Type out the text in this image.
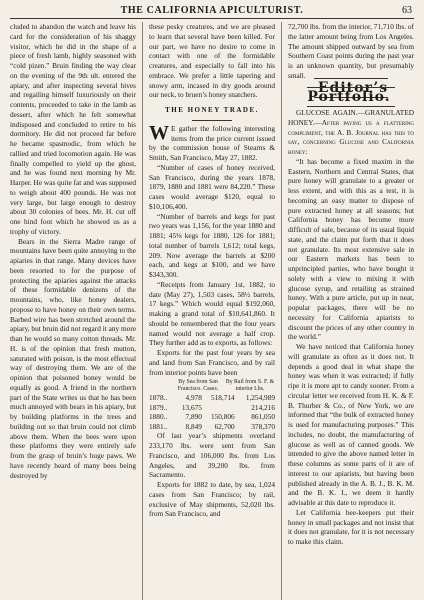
THE CALIFORNIA APICULTURIST.	63

cluded to abandon the watch and leave his card for the consideration of his shaggy visitor, which he did in the shape of a piece of fresh lamb, highly seasoned with “cold pizen.” Bruin finding the way clear on the evening of the 9th ult. entered the apiary, and after inspecting several hives and regailing himself luxuriously on their contents, proceeded to take in the lamb as dessert, after which he felt somewhat indisposed and concluded to retire to his dormitory. He did not proceed far before he became spasmodic, from which he rallied and tried locomotion again. He was finally compelled to yield up the ghost, and he was found next morning by Mr. Harper. He was quite fat and was supposed to weigh about 400 pounds. He was not very large, but large enough to destroy about 30 colonies of bees. Mr. H. cut off one hind foot which he showed us as a trophy of victory.

Bears in the Sierra Madre range of mountains have been quite annoying to the apiaries in that range. Many devices have been resorted to for the purpose of protecting the apiaries against the attacks of these formidable denizens of the mountains, who, like honey dealers, propose to have honey on their own terms. Barbed wire has been stretched around the apiary, but bruin did not regard it any more than he would so many cotton threads. Mr. H. is of the opinion that fresh mutton, saturated with poison, is the most effectual way of destroying them. We are of the opinion that poisoned honey would be equally as good. A friend in the northern part of the State writes us that he has been much annoyed with bears in his apiary, but by building platforms in the trees and building out so that bruin could not climb above them. When the bees were upon these platforms they were entirely safe from the grasp of bruin’s huge paws. We have recently heard of many bees being destroyed by

these pesky creatures, and we are pleased to learn that several have been killed. For our part, we have no desire to come in contact with one of the formidable creatures, and especially to fall into his embrace. We prefer a little tapering and snowy arm, incased in dry goods around our neck, to bruen’s honey snatchers.

THE HONEY TRADE.

W E gather the following interesting items from the price current issued by the commission house of Stearns & Smith, San Francisco, May 27, 1882.

“Number of cases of honey received, San Francisco, during the years 1878, 1879, 1880 and 1881 were 84,220.” These cases would average $120, equal to $10,106,400.

“Number of barrels and kegs for past two years was 1,156, for the year 1880 and 1881; 45⅛ kegs for 1880, 126 for 1881; total number of barrels 1,612; total kegs, 209. Now average the barrels at $200 each, and kegs at $100, and we have $343,300.

“Receipts from January 1st, 1882, to date (May 27), 1,503 cases, 58½ barrels, 17 kegs.” Which would equal $192,060, making a grand total of $10,641,860. It should be remembered that the four years named would not average a half crop. They further add as to exports, as follows:

Exports for the past four years by sea and land from San Francisco, and by rail from interior points have been

By Sea from San Francisco. Cases.
By Rail from S. F. & interior Lbs.
1878..	4,978	518,714	1,254,989
1879..	13,675		214,216
1880..	7,890	150,806	861,050
1881..	8,849	62,700	378,370

Of last year’s shipments overland 233,170 lbs. were sent from San Francisco, and 106,000 lbs. from Los Angeles, and 39,200 lbs. from Sacramento.

Exports for 1882 to date, by sea, 1,024 cases from San Francisco; by rail, exclusive of May shipments, 52,020 lbs. from San Francisco, and

72,700 lbs. from the interior, 71,710 lbs. of the latter amount being from Los Angeles. The amount shipped outward by sea from Southern Coast points during the past year is an unknown quantity, but presumably small.

Editor’s Portfolio.

GLUCOSE AGAIN.—GRANULATED HONEY.—After paying us a flattering compliment, the A. B. Journal has this to say, concerning Glucose and California honey:

“It has become a fixed maxim in the Eastern, Northern and Central States, that pure honey will granulate to a greater or less extent, and with this as a test, it is becoming an easy matter to dispose of pure extracted honey at all seasons; but California honey has become more difficult of sale, because of its usual liquid state, and the claim put forth that it does not granulate. Its most extensive sale in our Eastern markets has been to unprincipled parties, who have bought it solely with a view to mixing it with glucose syrup, and retailing as strained honey. With a pure article, put up in neat, popular packages, there will be no necessity for California apiarists to discount the prices of any other country in the world.”

We have noticed that California honey will granulate as often as it does not. It depends a good deal in what shape the honey was when it was extracted; if fully ripe it is more apt to candy sooner. From a circular letter we received from H. K. & F. B. Thurber & Co., of New York, we are informed that “the bulk of extracted honey is used for manufacturing purposes.” This includes, no doubt, the manufacturing of glucose as well as of canned goods. We intended to give the above named letter in these columns as some parts of it are of interest to our apiarists, but having been published already in the A. B. J., B. K. M. and the B. K. I., we deem it hardly advisable at this date to reproduce it.

Let California bee-keepers put their honey in small packages and not insist that it does not granulate, for it is not necessary to make this claim.
